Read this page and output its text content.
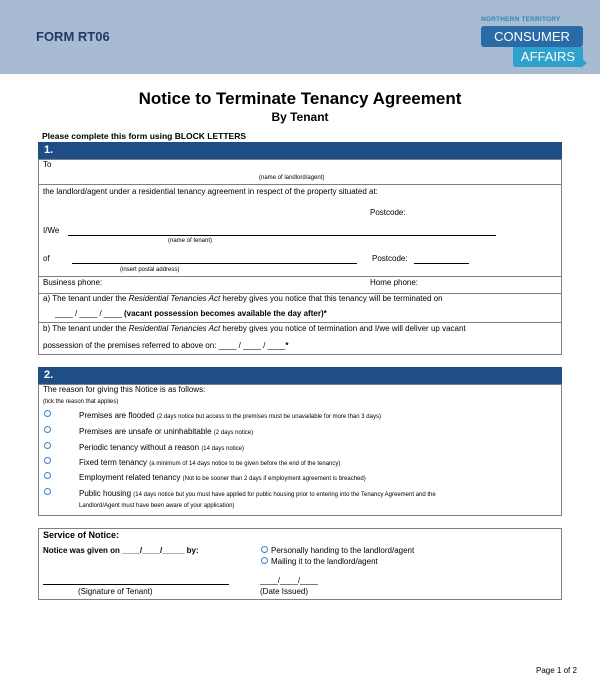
FORM RT06
NORTHERN TERRITORY
CONSUMER
AFFAIRS
Notice to Terminate Tenancy Agreement
By Tenant
Please complete this form using BLOCK LETTERS
1.
To
(name of landlord/agent)
the landlord/agent under a residential tenancy agreement in respect of the property situated at:
Postcode:
I/We
(name of tenant)
of	Postcode:
(insert postal address)
Business phone:	Home phone:
a) The tenant under the Residential Tenancies Act hereby gives you notice that this tenancy will be terminated on
____ / ____ / ____ (vacant possession becomes available the day after)*
b) The tenant under the Residential Tenancies Act hereby gives you notice of termination and I/we will deliver up vacant
possession of the premises referred to above on: ____ / ____ / ____*
2.
The reason for giving this Notice is as follows:
(tick the reason that applies)
Premises are flooded (2 days notice but access to the premises must be unavailable for more than 3 days)
Premises are unsafe or uninhabitable (2 days notice)
Periodic tenancy without a reason (14 days notice)
Fixed term tenancy (a minimum of 14 days notice to be given before the end of the tenancy)
Employment related tenancy (Not to be sooner than 2 days if employment agreement is breached)
Public housing (14 days notice but you must have applied for public housing prior to entering into the Tenancy Agreement and the
Landlord/Agent must have been aware of your application)
Service of Notice:
Notice was given on ____/____/_____ by:	Personally handing to the landlord/agent
Mailing it to the landlord/agent
____/____/____
(Signature of Tenant)	(Date Issued)
Page 1 of 2
